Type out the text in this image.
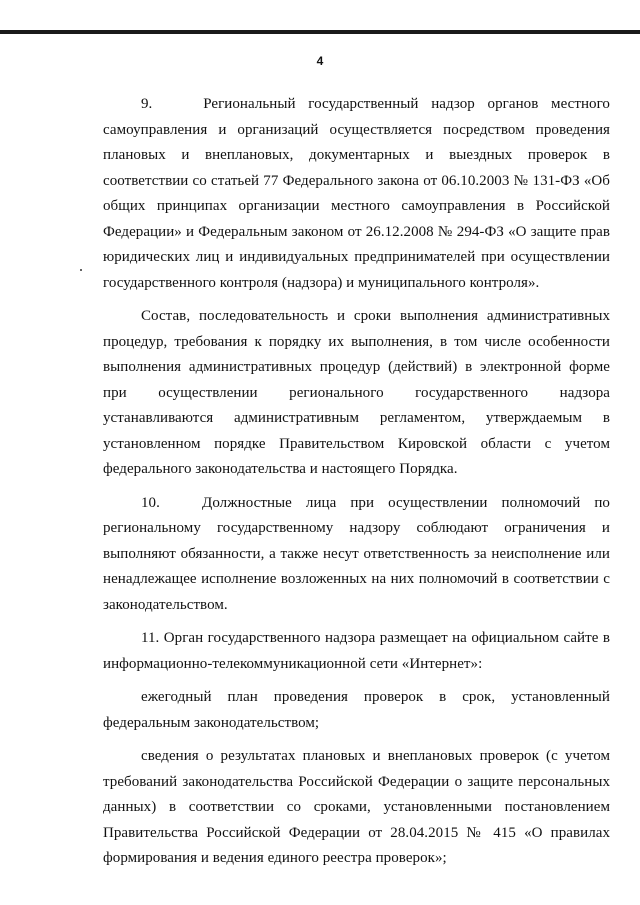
4

9.    Региональный государственный надзор органов местного самоуправления и организаций осуществляется посредством проведения плановых и внеплановых, документарных и выездных проверок в соответствии со статьей 77 Федерального закона от 06.10.2003 № 131-ФЗ «Об общих принципах организации местного самоуправления в Российской Федерации» и Федеральным законом от 26.12.2008 № 294-ФЗ «О защите прав юридических лиц и индивидуальных предпринимателей при осуществлении государственного контроля (надзора) и муниципального контроля».

Состав, последовательность и сроки выполнения административных процедур, требования к порядку их выполнения, в том числе особенности выполнения административных процедур (действий) в электронной форме при осуществлении регионального государственного надзора устанавливаются административным регламентом, утверждаемым в установленном порядке Правительством Кировской области с учетом федерального законодательства и настоящего Порядка.

10.   Должностные лица при осуществлении полномочий по региональному государственному надзору соблюдают ограничения и выполняют обязанности, а также несут ответственность за неисполнение или ненадлежащее исполнение возложенных на них полномочий в соответствии с законодательством.

11. Орган государственного надзора размещает на официальном сайте в информационно-телекоммуникационной сети «Интернет»:

ежегодный план проведения проверок в срок, установленный федеральным законодательством;

сведения о результатах плановых и внеплановых проверок (с учетом требований законодательства Российской Федерации о защите персональных данных) в соответствии со сроками, установленными постановлением Правительства Российской Федерации от 28.04.2015 № 415 «О правилах формирования и ведения единого реестра проверок»;
